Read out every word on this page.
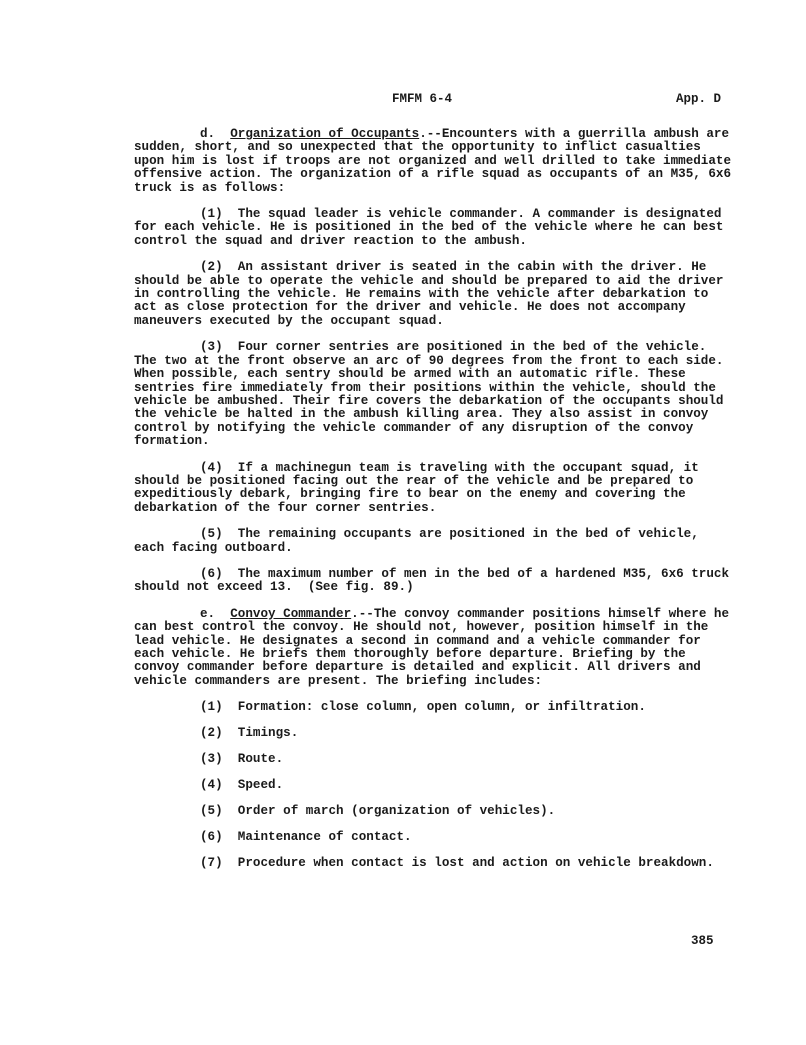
FMFM 6-4	App. D

d. Organization of Occupants.--Encounters with a guerrilla ambush are sudden, short, and so unexpected that the opportunity to inflict casualties upon him is lost if troops are not organized and well drilled to take immediate offensive action. The organization of a rifle squad as occupants of an M35, 6x6 truck is as follows:

(1)  The squad leader is vehicle commander. A commander is designated for each vehicle. He is positioned in the bed of the vehicle where he can best control the squad and driver reaction to the ambush.

(2)  An assistant driver is seated in the cabin with the driver. He should be able to operate the vehicle and should be prepared to aid the driver in controlling the vehicle. He remains with the vehicle after debarkation to act as close protection for the driver and vehicle. He does not accompany maneuvers executed by the occupant squad.

(3)  Four corner sentries are positioned in the bed of the vehicle. The two at the front observe an arc of 90 degrees from the front to each side. When possible, each sentry should be armed with an automatic rifle. These sentries fire immediately from their positions within the vehicle, should the vehicle be ambushed. Their fire covers the debarkation of the occupants should the vehicle be halted in the ambush killing area. They also assist in convoy control by notifying the vehicle commander of any disruption of the convoy formation.

(4)  If a machinegun team is traveling with the occupant squad, it should be positioned facing out the rear of the vehicle and be prepared to expeditiously debark, bringing fire to bear on the enemy and covering the debarkation of the four corner sentries.

(5)  The remaining occupants are positioned in the bed of vehicle, each facing outboard.

(6)  The maximum number of men in the bed of a hardened M35, 6x6 truck should not exceed 13.  (See fig. 89.)

e. Convoy Commander.--The convoy commander positions himself where he can best control the convoy. He should not, however, position himself in the lead vehicle. He designates a second in command and a vehicle commander for each vehicle. He briefs them thoroughly before departure. Briefing by the convoy commander before departure is detailed and explicit. All drivers and vehicle commanders are present. The briefing includes:

(1)  Formation: close column, open column, or infiltration.

(2)  Timings.

(3)  Route.

(4)  Speed.

(5)  Order of march (organization of vehicles).

(6)  Maintenance of contact.

(7)  Procedure when contact is lost and action on vehicle breakdown.

385
